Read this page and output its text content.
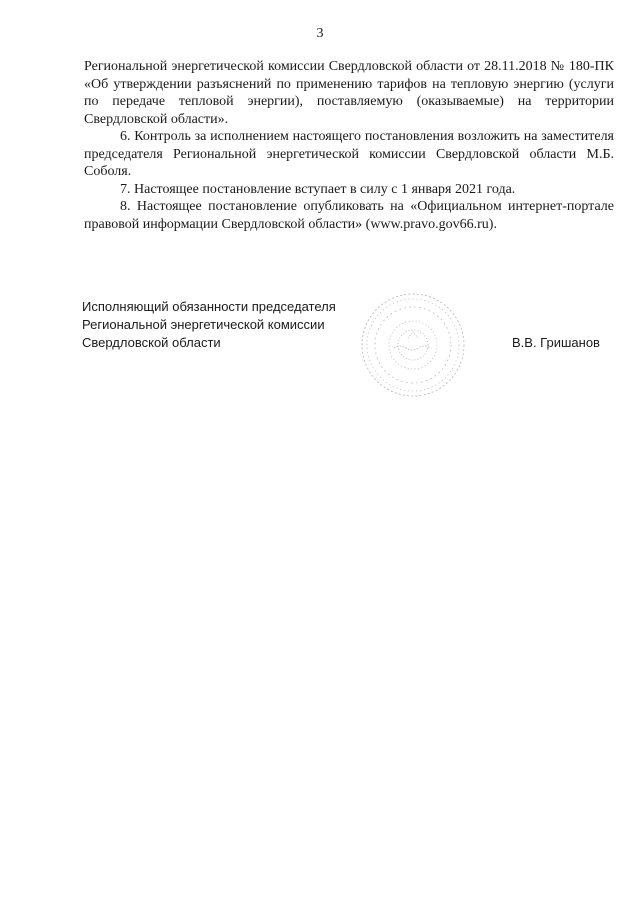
3

Региональной энергетической комиссии Свердловской области от 28.11.2018 № 180-ПК «Об утверждении разъяснений по применению тарифов на тепловую энергию (услуги по передаче тепловой энергии), поставляемую (оказываемые) на территории Свердловской области».

6. Контроль за исполнением настоящего постановления возложить на заместителя председателя Региональной энергетической комиссии Свердловской области М.Б. Соболя.

7. Настоящее постановление вступает в силу с 1 января 2021 года.

8. Настоящее постановление опубликовать на «Официальном интернет-портале правовой информации Свердловской области» (www.pravo.gov66.ru).

Исполняющий обязанности председателя
Региональной энергетической комиссии
Свердловской области	В.В. Гришанов
